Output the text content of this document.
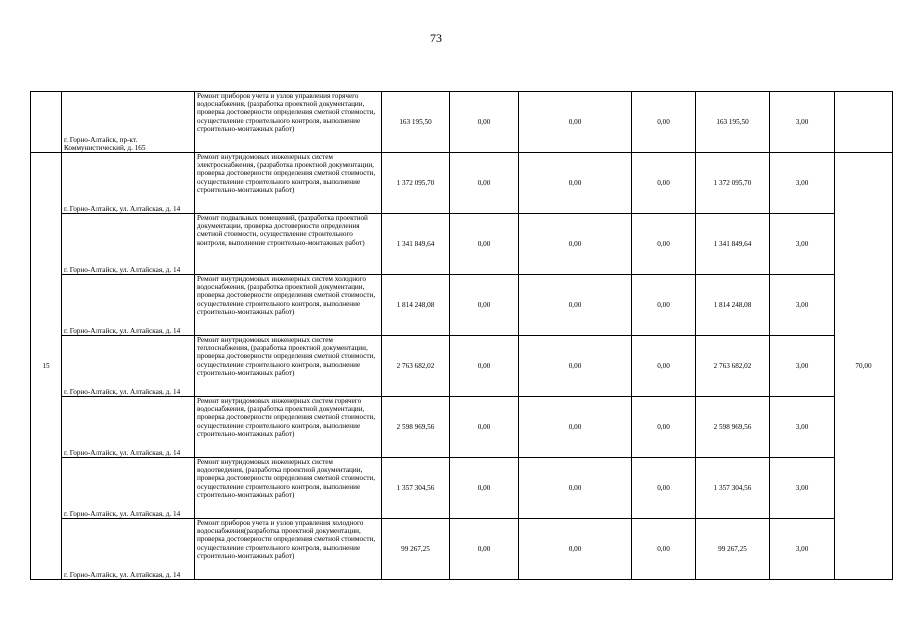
73
	г. Горно-Алтайск, пр-кт. Коммунистический, д. 165	Ремонт приборов учета и узлов управления горячего водоснабжения, (разработка проектной документации, проверка достоверности определения сметной стоимости, осуществление строительного контроля, выполнение строительно-монтажных работ)	163 195,50	0,00	0,00	0,00	163 195,50	3,00	
15	г. Горно-Алтайск, ул. Алтайская, д. 14	Ремонт внутридомовых инженерных систем электроснабжения, (разработка проектной документации, проверка достоверности определения сметной стоимости, осуществление строительного контроля, выполнение строительно-монтажных работ)	1 372 095,70	0,00	0,00	0,00	1 372 095,70	3,00	70,00
	г. Горно-Алтайск, ул. Алтайская, д. 14	Ремонт подвальных помещений, (разработка проектной документации, проверка достоверности определения сметной стоимости, осуществление строительного контроля, выполнение строительно-монтажных работ)	1 341 849,64	0,00	0,00	0,00	1 341 849,64	3,00	
	г. Горно-Алтайск, ул. Алтайская, д. 14	Ремонт внутридомовых инженерных систем холодного водоснабжения, (разработка проектной документации, проверка достоверности определения сметной стоимости, осуществление строительного контроля, выполнение строительно-монтажных работ)	1 814 248,08	0,00	0,00	0,00	1 814 248,08	3,00	
	г. Горно-Алтайск, ул. Алтайская, д. 14	Ремонт внутридомовых инженерных систем теплоснабжения, (разработка проектной документации, проверка достоверности определения сметной стоимости, осуществление строительного контроля, выполнение строительно-монтажных работ)	2 763 682,02	0,00	0,00	0,00	2 763 682,02	3,00	
	г. Горно-Алтайск, ул. Алтайская, д. 14	Ремонт внутридомовых инженерных систем горячего водоснабжения, (разработка проектной документации, проверка достоверности определения сметной стоимости, осуществление строительного контроля, выполнение строительно-монтажных работ)	2 598 969,56	0,00	0,00	0,00	2 598 969,56	3,00	
	г. Горно-Алтайск, ул. Алтайская, д. 14	Ремонт внутридомовых инженерных систем водоотведения, (разработка проектной документации, проверка достоверности определения сметной стоимости, осуществление строительного контроля, выполнение строительно-монтажных работ)	1 357 304,56	0,00	0,00	0,00	1 357 304,56	3,00	
	г. Горно-Алтайск, ул. Алтайская, д. 14	Ремонт приборов учета и узлов управления холодного водоснабжения(разработка проектной документации, проверка достоверности определения сметной стоимости, осуществление строительного контроля, выполнение строительно-монтажных работ)	99 267,25	0,00	0,00	0,00	99 267,25	3,00	
